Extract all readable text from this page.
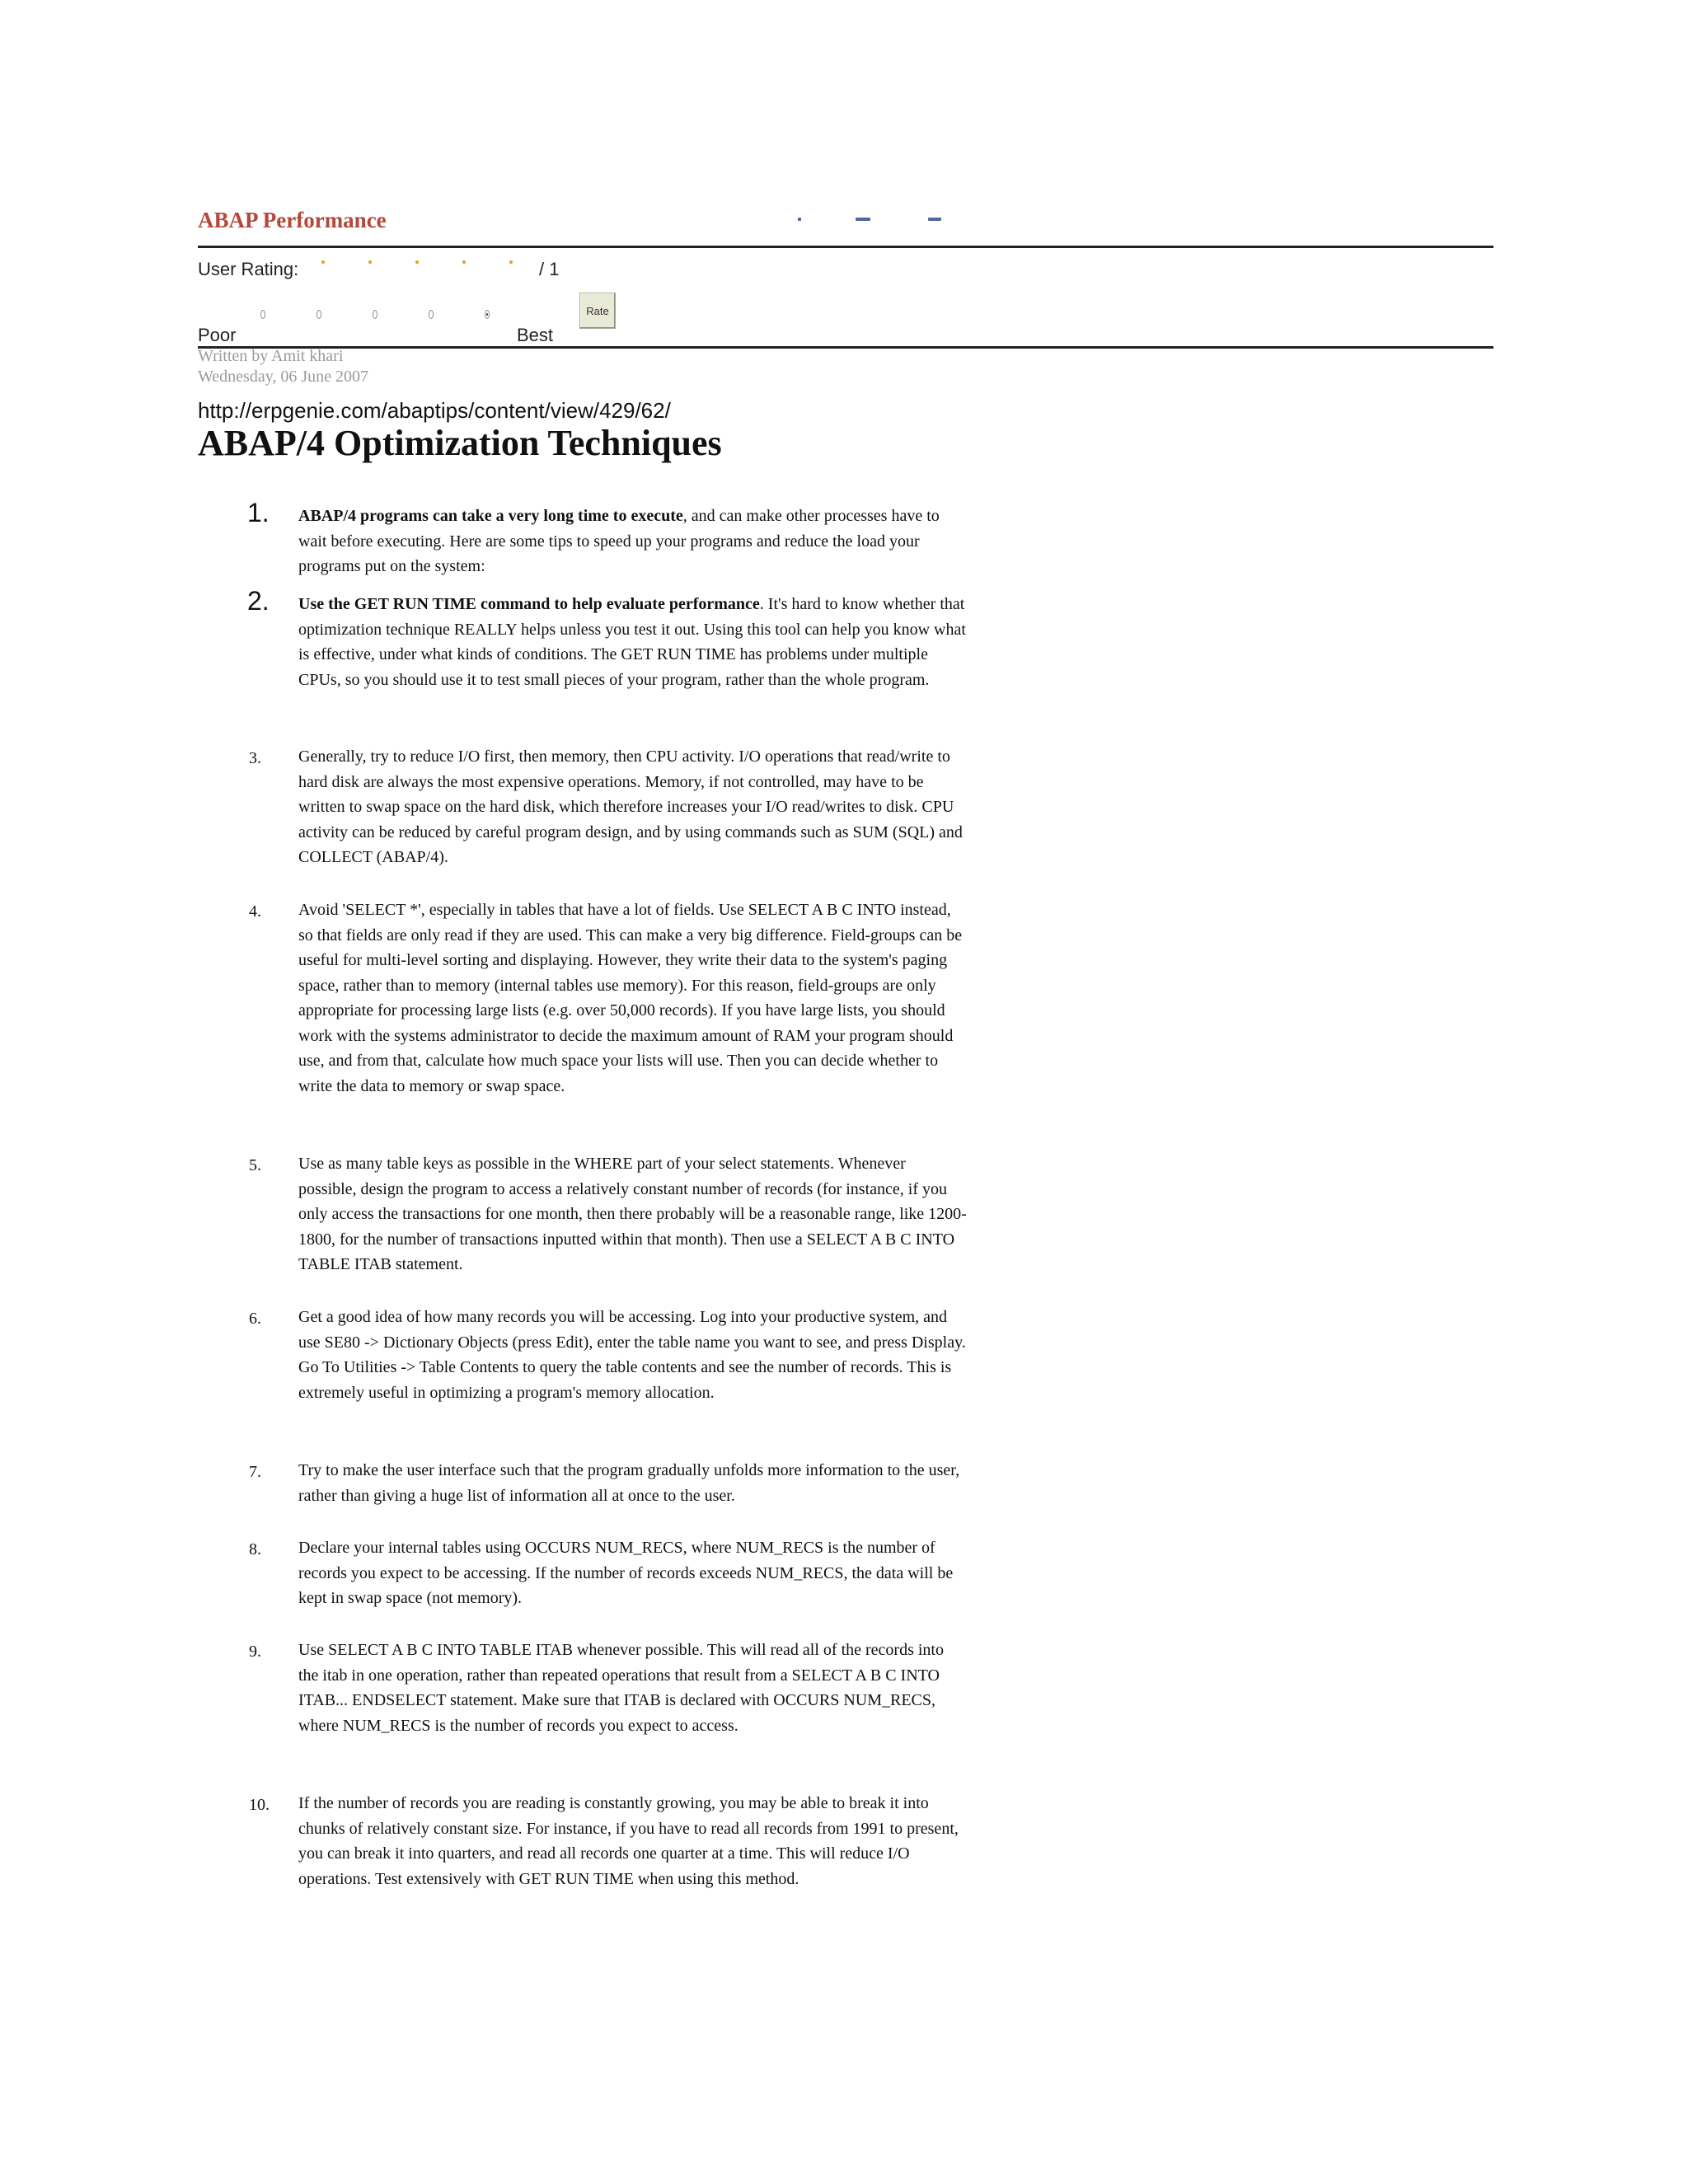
ABAP Performance
User Rating:	/ 1
Poor	Best
Rate
Written by Amit khari
Wednesday, 06 June 2007
http://erpgenie.com/abaptips/content/view/429/62/
ABAP/4 Optimization Techniques
1. ABAP/4 programs can take a very long time to execute, and can make other processes have to wait before executing. Here are some tips to speed up your programs and reduce the load your programs put on the system:

2. Use the GET RUN TIME command to help evaluate performance. It's hard to know whether that optimization technique REALLY helps unless you test it out. Using this tool can help you know what is effective, under what kinds of conditions. The GET RUN TIME has problems under multiple CPUs, so you should use it to test small pieces of your program, rather than the whole program.

3. Generally, try to reduce I/O first, then memory, then CPU activity. I/O operations that read/write to hard disk are always the most expensive operations. Memory, if not controlled, may have to be written to swap space on the hard disk, which therefore increases your I/O read/writes to disk. CPU activity can be reduced by careful program design, and by using commands such as SUM (SQL) and COLLECT (ABAP/4).

4. Avoid 'SELECT *', especially in tables that have a lot of fields. Use SELECT A B C INTO instead, so that fields are only read if they are used. This can make a very big difference. Field-groups can be useful for multi-level sorting and displaying. However, they write their data to the system's paging space, rather than to memory (internal tables use memory). For this reason, field-groups are only appropriate for processing large lists (e.g. over 50,000 records). If you have large lists, you should work with the systems administrator to decide the maximum amount of RAM your program should use, and from that, calculate how much space your lists will use. Then you can decide whether to write the data to memory or swap space.

5. Use as many table keys as possible in the WHERE part of your select statements. Whenever possible, design the program to access a relatively constant number of records (for instance, if you only access the transactions for one month, then there probably will be a reasonable range, like 1200-1800, for the number of transactions inputted within that month). Then use a SELECT A B C INTO TABLE ITAB statement.

6. Get a good idea of how many records you will be accessing. Log into your productive system, and use SE80 -> Dictionary Objects (press Edit), enter the table name you want to see, and press Display. Go To Utilities -> Table Contents to query the table contents and see the number of records. This is extremely useful in optimizing a program's memory allocation.

7. Try to make the user interface such that the program gradually unfolds more information to the user, rather than giving a huge list of information all at once to the user.

8. Declare your internal tables using OCCURS NUM_RECS, where NUM_RECS is the number of records you expect to be accessing. If the number of records exceeds NUM_RECS, the data will be kept in swap space (not memory).

9. Use SELECT A B C INTO TABLE ITAB whenever possible. This will read all of the records into the itab in one operation, rather than repeated operations that result from a SELECT A B C INTO ITAB... ENDSELECT statement. Make sure that ITAB is declared with OCCURS NUM_RECS, where NUM_RECS is the number of records you expect to access.

10. If the number of records you are reading is constantly growing, you may be able to break it into chunks of relatively constant size. For instance, if you have to read all records from 1991 to present, you can break it into quarters, and read all records one quarter at a time. This will reduce I/O operations. Test extensively with GET RUN TIME when using this method.
